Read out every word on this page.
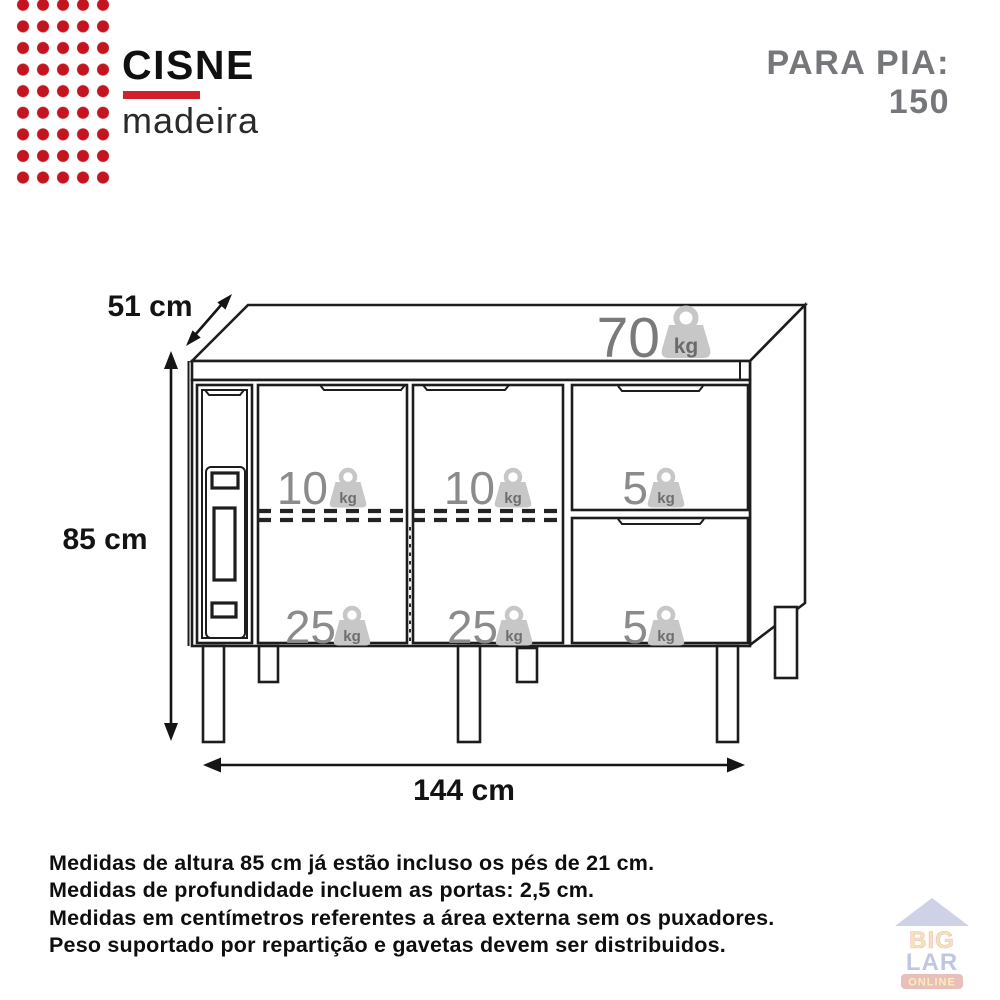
CISNE
madeira
PARA PIA:
150
70 kg
10 kg 10 kg 5 kg
25 kg 25 kg 5 kg
51 cm
85 cm
144 cm
BIG
LAR
ONLINE

Medidas de altura 85 cm já estão incluso os pés de 21 cm.

Medidas de profundidade incluem as portas: 2,5 cm.

Medidas em centímetros referentes a área externa sem os puxadores.

Peso suportado por repartição e gavetas devem ser distribuidos.
